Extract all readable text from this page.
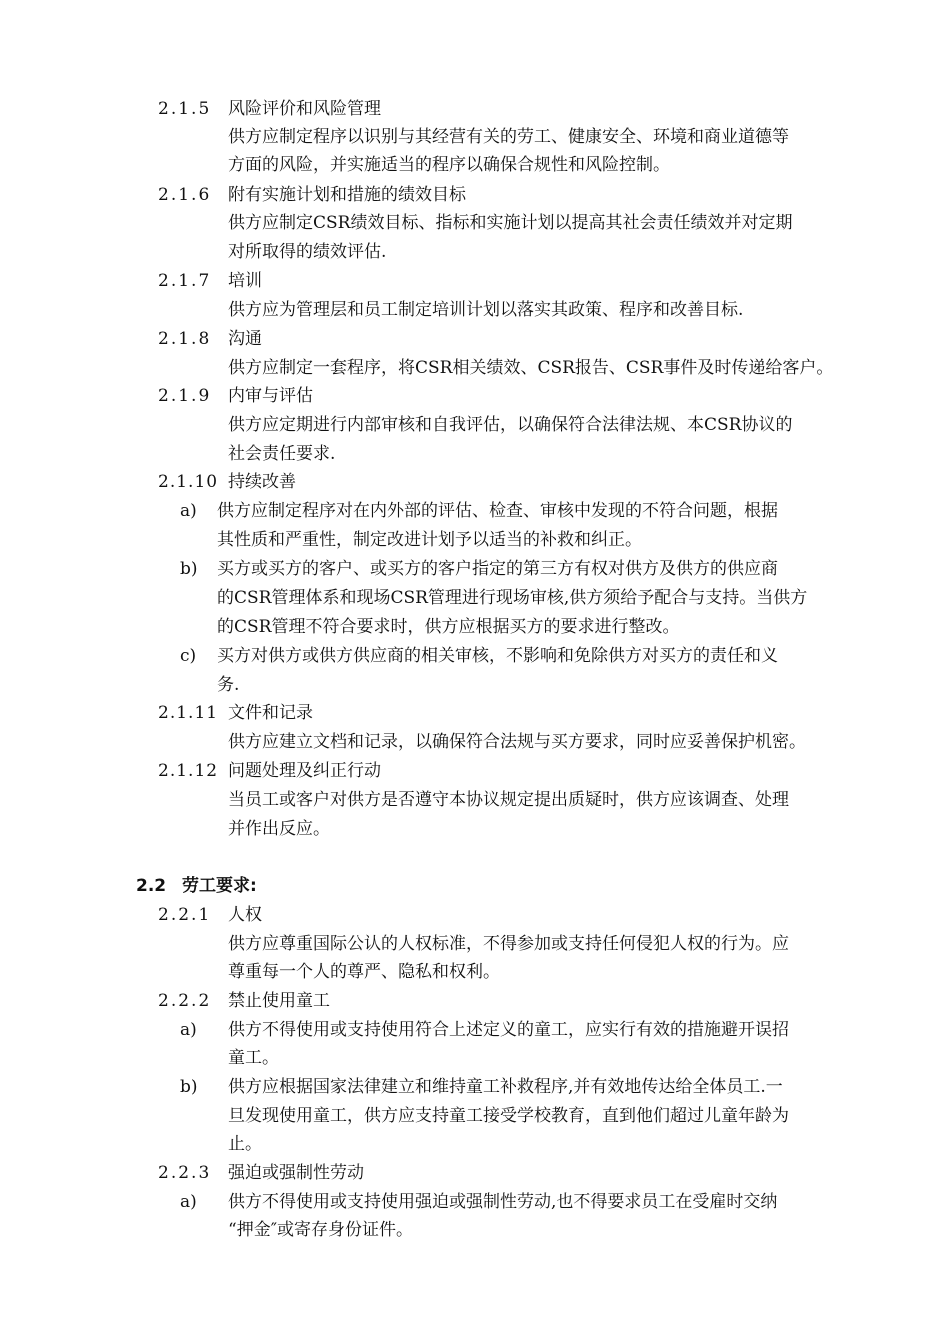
2.1.5 风险评价和风险管理
供方应制定程序以识别与其经营有关的劳工、健康安全、环境和商业道德等
方面的风险，并实施适当的程序以确保合规性和风险控制。
2.1.6 附有实施计划和措施的绩效目标
供方应制定CSR绩效目标、指标和实施计划以提高其社会责任绩效并对定期
对所取得的绩效评估.
2.1.7 培训
供方应为管理层和员工制定培训计划以落实其政策、程序和改善目标.
2.1.8 沟通
供方应制定一套程序，将CSR相关绩效、CSR报告、CSR事件及时传递给客户。
2.1.9 内审与评估
供方应定期进行内部审核和自我评估，以确保符合法律法规、本CSR协议的
社会责任要求.
2.1.10 持续改善
a) 供方应制定程序对在内外部的评估、检查、审核中发现的不符合问题，根据
其性质和严重性，制定改进计划予以适当的补救和纠正。
b) 买方或买方的客户、或买方的客户指定的第三方有权对供方及供方的供应商
的CSR管理体系和现场CSR管理进行现场审核,供方须给予配合与支持。当供方
的CSR管理不符合要求时，供方应根据买方的要求进行整改。
c) 买方对供方或供方供应商的相关审核，不影响和免除供方对买方的责任和义
务.
2.1.11 文件和记录
供方应建立文档和记录，以确保符合法规与买方要求，同时应妥善保护机密。
2.1.12 问题处理及纠正行动
当员工或客户对供方是否遵守本协议规定提出质疑时，供方应该调查、处理
并作出反应。
2.2 劳工要求:
2.2.1 人权
供方应尊重国际公认的人权标准，不得参加或支持任何侵犯人权的行为。应
尊重每一个人的尊严、隐私和权利。
2.2.2 禁止使用童工
a) 供方不得使用或支持使用符合上述定义的童工，应实行有效的措施避开误招
童工。
b) 供方应根据国家法律建立和维持童工补救程序,并有效地传达给全体员工.一
旦发现使用童工，供方应支持童工接受学校教育，直到他们超过儿童年龄为
止。
2.2.3 强迫或强制性劳动
a) 供方不得使用或支持使用强迫或强制性劳动,也不得要求员工在受雇时交纳
“押金″或寄存身份证件。
